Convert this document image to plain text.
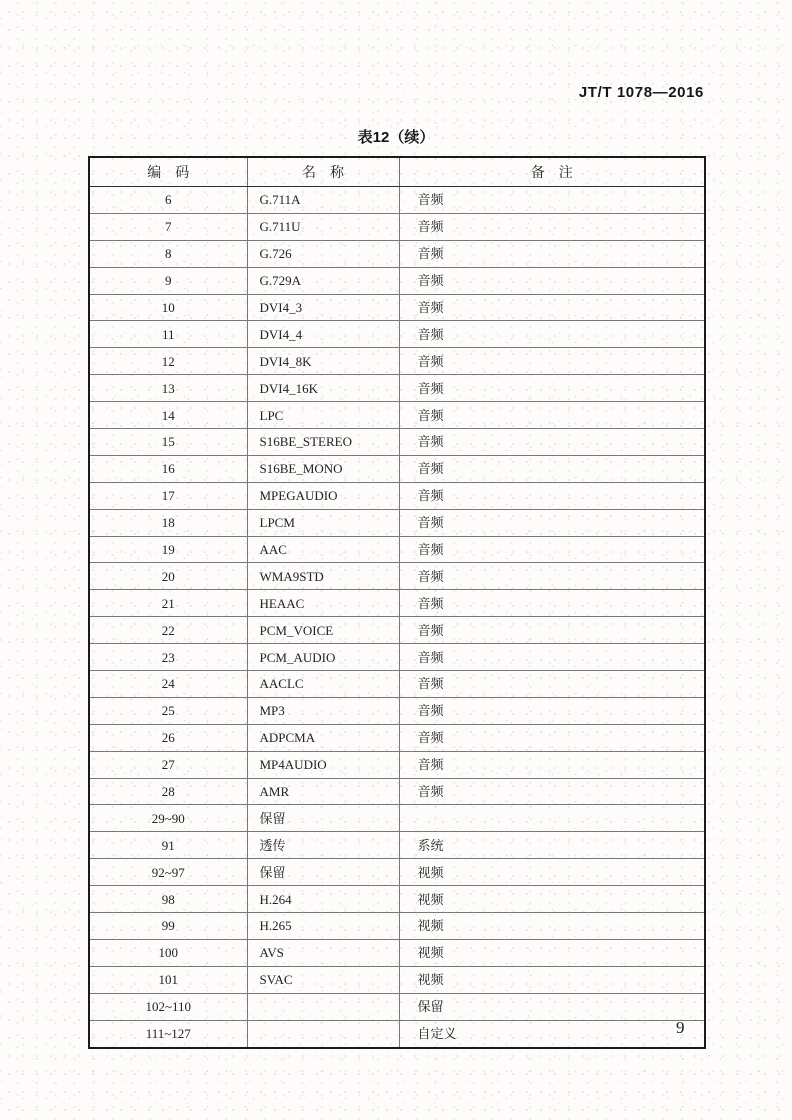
JT/T 1078—2016
表12（续）
编　码	名　称	备　注
6	G.711A	音频
7	G.711U	音频
8	G.726	音频
9	G.729A	音频
10	DVI4_3	音频
11	DVI4_4	音频
12	DVI4_8K	音频
13	DVI4_16K	音频
14	LPC	音频
15	S16BE_STEREO	音频
16	S16BE_MONO	音频
17	MPEGAUDIO	音频
18	LPCM	音频
19	AAC	音频
20	WMA9STD	音频
21	HEAAC	音频
22	PCM_VOICE	音频
23	PCM_AUDIO	音频
24	AACLC	音频
25	MP3	音频
26	ADPCMA	音频
27	MP4AUDIO	音频
28	AMR	音频
29~90	保留	
91	透传	系统
92~97	保留	视频
98	H.264	视频
99	H.265	视频
100	AVS	视频
101	SVAC	视频
102~110		保留
111~127		自定义	9
